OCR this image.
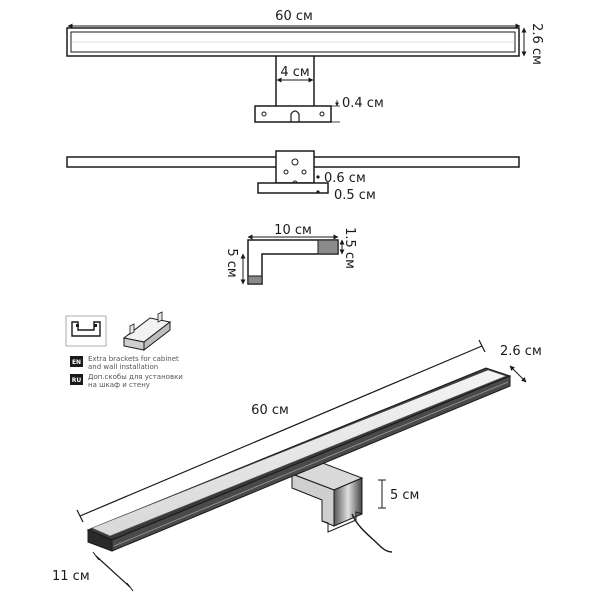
60 см
2.6 см
4 см
0.4 см
0.6 см
0.5 см
10 см 1.5 см
5 см
EN Extra brackets for cabinet
and wall installation
RU Доп.скобы для установки
на шкаф и стену
60 см
2.6 см
5 см
11 см
